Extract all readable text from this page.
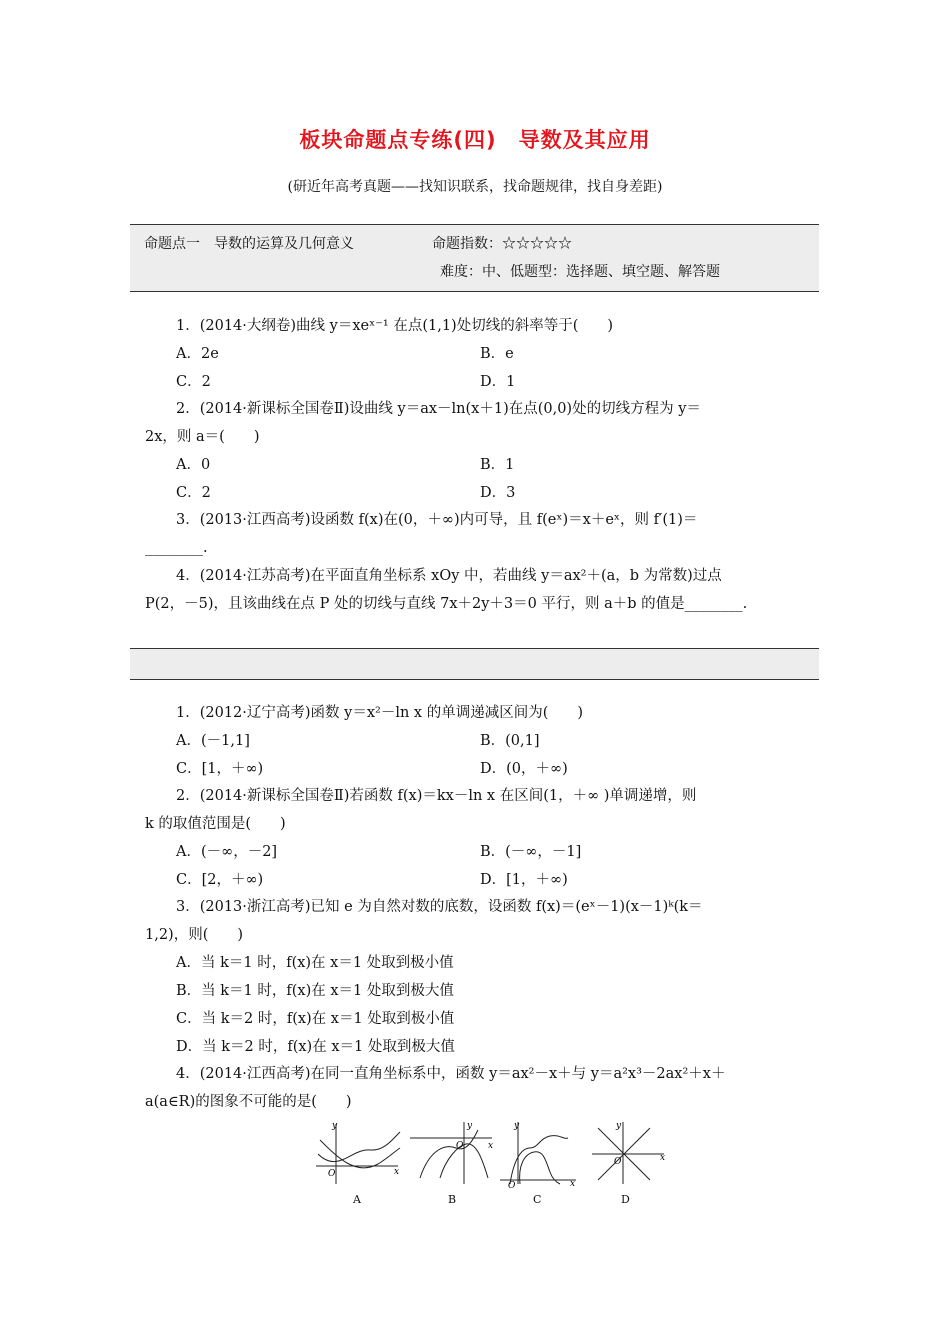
板块命题点专练(四)　导数及其应用
(研近年高考真题——找知识联系，找命题规律，找自身差距)
命题点一　导数的运算及几何意义	命题指数：☆☆☆☆☆
难度：中、低题型：选择题、填空题、解答题
1．(2014·大纲卷)曲线 y＝xeˣ⁻¹ 在点(1,1)处切线的斜率等于(　　)
A．2e	B．e
C．2	D．1
2．(2014·新课标全国卷Ⅱ)设曲线 y＝ax－ln(x＋1)在点(0,0)处的切线方程为 y＝
2x，则 a＝(　　)
A．0	B．1
C．2	D．3
3．(2013·江西高考)设函数 f(x)在(0，＋∞)内可导，且 f(eˣ)＝x＋eˣ，则 f′(1)＝
________.
4．(2014·江苏高考)在平面直角坐标系 xOy 中，若曲线 y＝ax²＋(a，b 为常数)过点
P(2，－5)，且该曲线在点 P 处的切线与直线 7x＋2y＋3＝0 平行，则 a＋b 的值是________.
1．(2012·辽宁高考)函数 y＝x²－ln x 的单调递减区间为(　　)
A．(－1,1]	B．(0,1]
C．[1，＋∞)	D．(0，＋∞)
2．(2014·新课标全国卷Ⅱ)若函数 f(x)＝kx－ln x 在区间(1，＋∞ )单调递增，则
k 的取值范围是(　　)
A．(－∞，－2]	B．(－∞，－1]
C．[2，＋∞)	D．[1，＋∞)
3．(2013·浙江高考)已知 e 为自然对数的底数，设函数 f(x)＝(eˣ－1)(x－1)ᵏ(k＝
1,2)，则(　　)
A．当 k＝1 时，f(x)在 x＝1 处取到极小值
B．当 k＝1 时，f(x)在 x＝1 处取到极大值
C．当 k＝2 时，f(x)在 x＝1 处取到极小值
D．当 k＝2 时，f(x)在 x＝1 处取到极大值
4．(2014·江西高考)在同一直角坐标系中，函数 y＝ax²－x＋与 y＝a²x³－2ax²＋x＋
a(a∈R)的图象不可能的是(　　)
y
x
O
A
y
x
O
B
y
x
O
C
y
x
O
D
